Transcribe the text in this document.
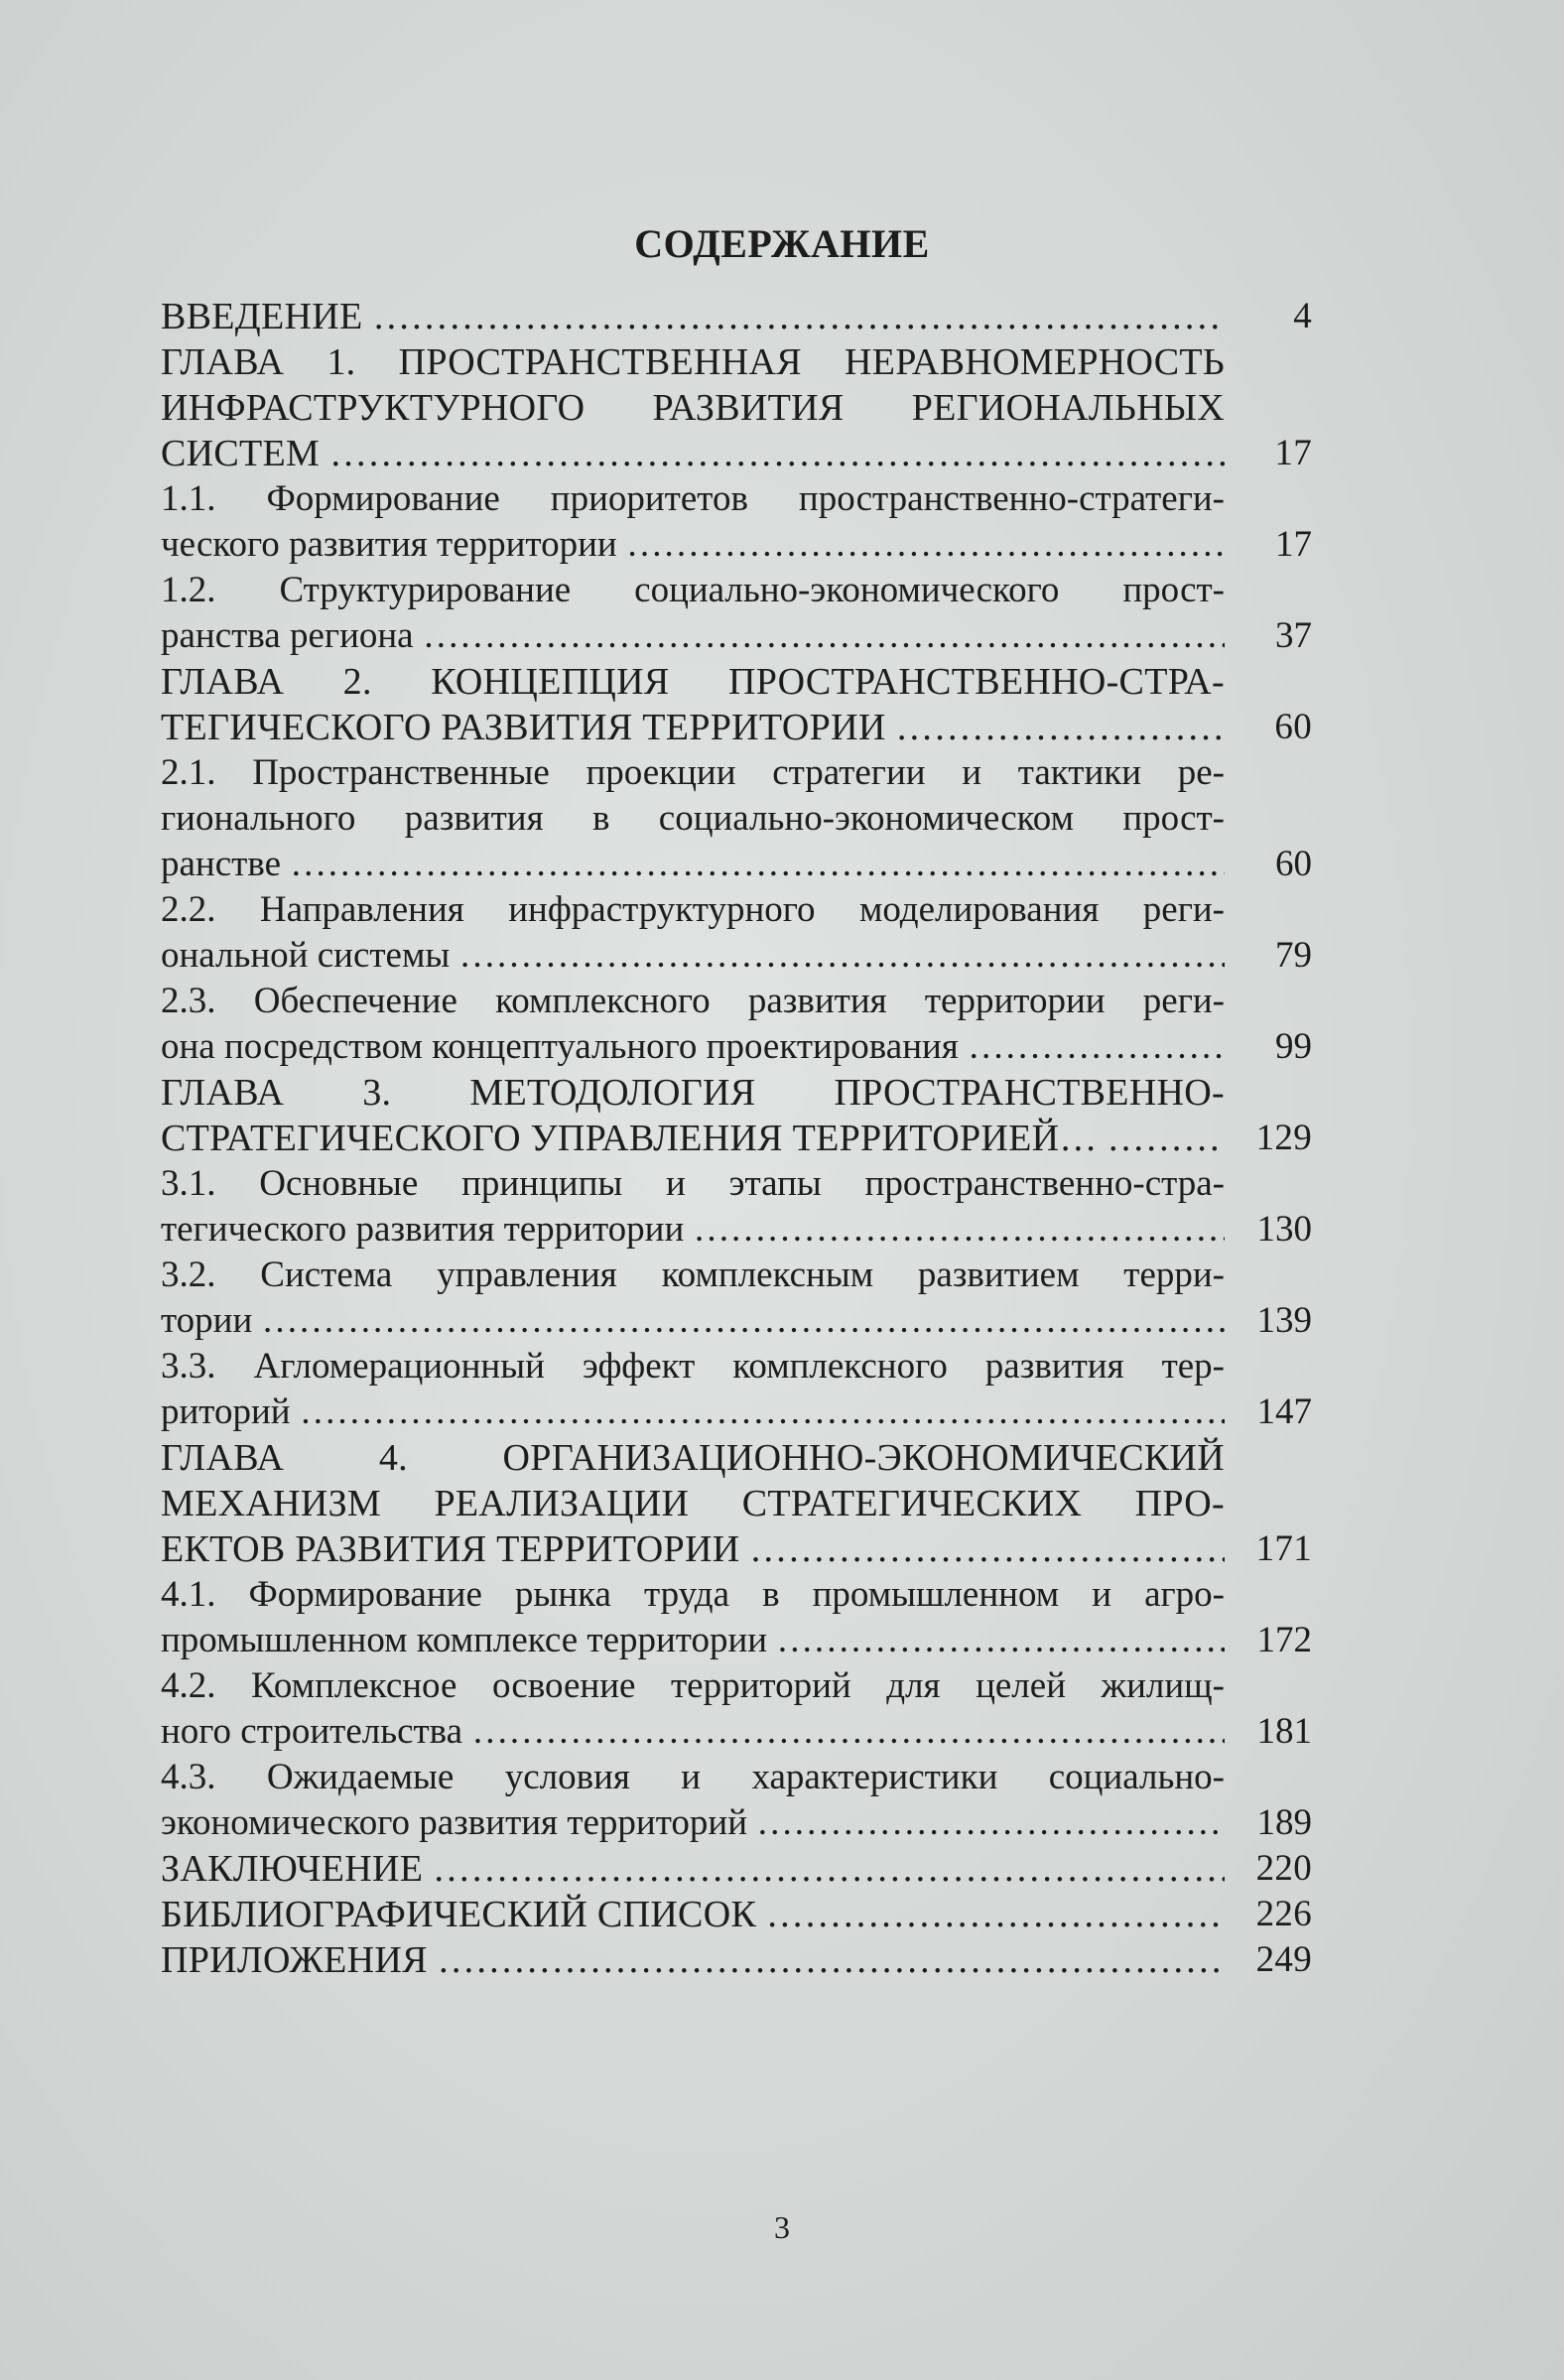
СОДЕРЖАНИЕ
ВВЕДЕНИЕ ……………………………………………………………………………………………………………………	4
ГЛАВА 1. ПРОСТРАНСТВЕННАЯ НЕРАВНОМЕРНОСТЬ
ИНФРАСТРУКТУРНОГО РАЗВИТИЯ РЕГИОНАЛЬНЫХ
СИСТЕМ ……………………………………………………………………………………………………………………	17
1.1. Формирование приоритетов пространственно-стратеги-
ческого развития территории ……………………………………………………………………………………………………………………	17
1.2. Структурирование социально-экономического прост-
ранства региона ……………………………………………………………………………………………………………………	37
ГЛАВА 2. КОНЦЕПЦИЯ ПРОСТРАНСТВЕННО-СТРА-
ТЕГИЧЕСКОГО РАЗВИТИЯ ТЕРРИТОРИИ ……………………………………………………………………………………………………………………	60
2.1. Пространственные проекции стратегии и тактики ре-
гионального развития в социально-экономическом прост-
ранстве ……………………………………………………………………………………………………………………	60
2.2. Направления инфраструктурного моделирования реги-
ональной системы ……………………………………………………………………………………………………………………	79
2.3. Обеспечение комплексного развития территории реги-
она посредством концептуального проектирования ……………………………………………………………………………………………………………………	99
ГЛАВА 3. МЕТОДОЛОГИЯ ПРОСТРАНСТВЕННО-
СТРАТЕГИЧЕСКОГО УПРАВЛЕНИЯ ТЕРРИТОРИЕЙ… ……………………………………………………………………………………………………………………	129
3.1. Основные принципы и этапы пространственно-стра-
тегического развития территории ……………………………………………………………………………………………………………………	130
3.2. Система управления комплексным развитием терри-
тории ……………………………………………………………………………………………………………………	139
3.3. Агломерационный эффект комплексного развития тер-
риторий ……………………………………………………………………………………………………………………	147
ГЛАВА 4. ОРГАНИЗАЦИОННО-ЭКОНОМИЧЕСКИЙ
МЕХАНИЗМ РЕАЛИЗАЦИИ СТРАТЕГИЧЕСКИХ ПРО-
ЕКТОВ РАЗВИТИЯ ТЕРРИТОРИИ ……………………………………………………………………………………………………………………	171
4.1. Формирование рынка труда в промышленном и агро-
промышленном комплексе территории ……………………………………………………………………………………………………………………	172
4.2. Комплексное освоение территорий для целей жилищ-
ного строительства ……………………………………………………………………………………………………………………	181
4.3. Ожидаемые условия и характеристики социально-
экономического развития территорий ……………………………………………………………………………………………………………………	189
ЗАКЛЮЧЕНИЕ ……………………………………………………………………………………………………………………	220
БИБЛИОГРАФИЧЕСКИЙ СПИСОК ……………………………………………………………………………………………………………………	226
ПРИЛОЖЕНИЯ ……………………………………………………………………………………………………………………	249
3
